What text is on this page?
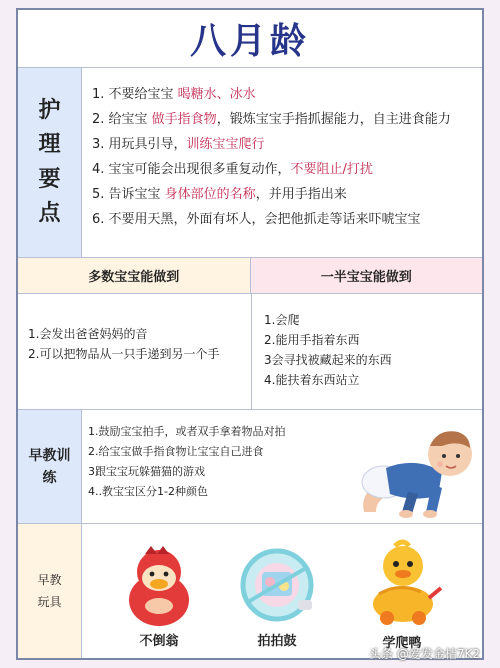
八月龄
护
理
要
点
1. 不要给宝宝 喝糖水、冰水
2. 给宝宝 做手指食物，锻炼宝宝手指抓握能力，自主进食能力
3. 用玩具引导，训练宝宝爬行
4. 宝宝可能会出现很多重复动作，不要阻止/打扰
5. 告诉宝宝 身体部位的名称，并用手指出来
6. 不要用天黑，外面有坏人，会把他抓走等话来吓唬宝宝
多数宝宝能做到	一半宝宝能做到
1.会发出爸爸妈妈的音
2.可以把物品从一只手递到另一个手
1.会爬
2.能用手指着东西
3会寻找被藏起来的东西
4.能扶着东西站立
早教训
练
1.鼓励宝宝拍手，或者双手拿着物品对拍
2.给宝宝做手指食物让宝宝自己进食
3跟宝宝玩躲猫猫的游戏
4..教宝宝区分1-2种颜色
早教
玩具
不倒翁	拍拍鼓	学爬鸭
头条 @爱发金桔7K2
